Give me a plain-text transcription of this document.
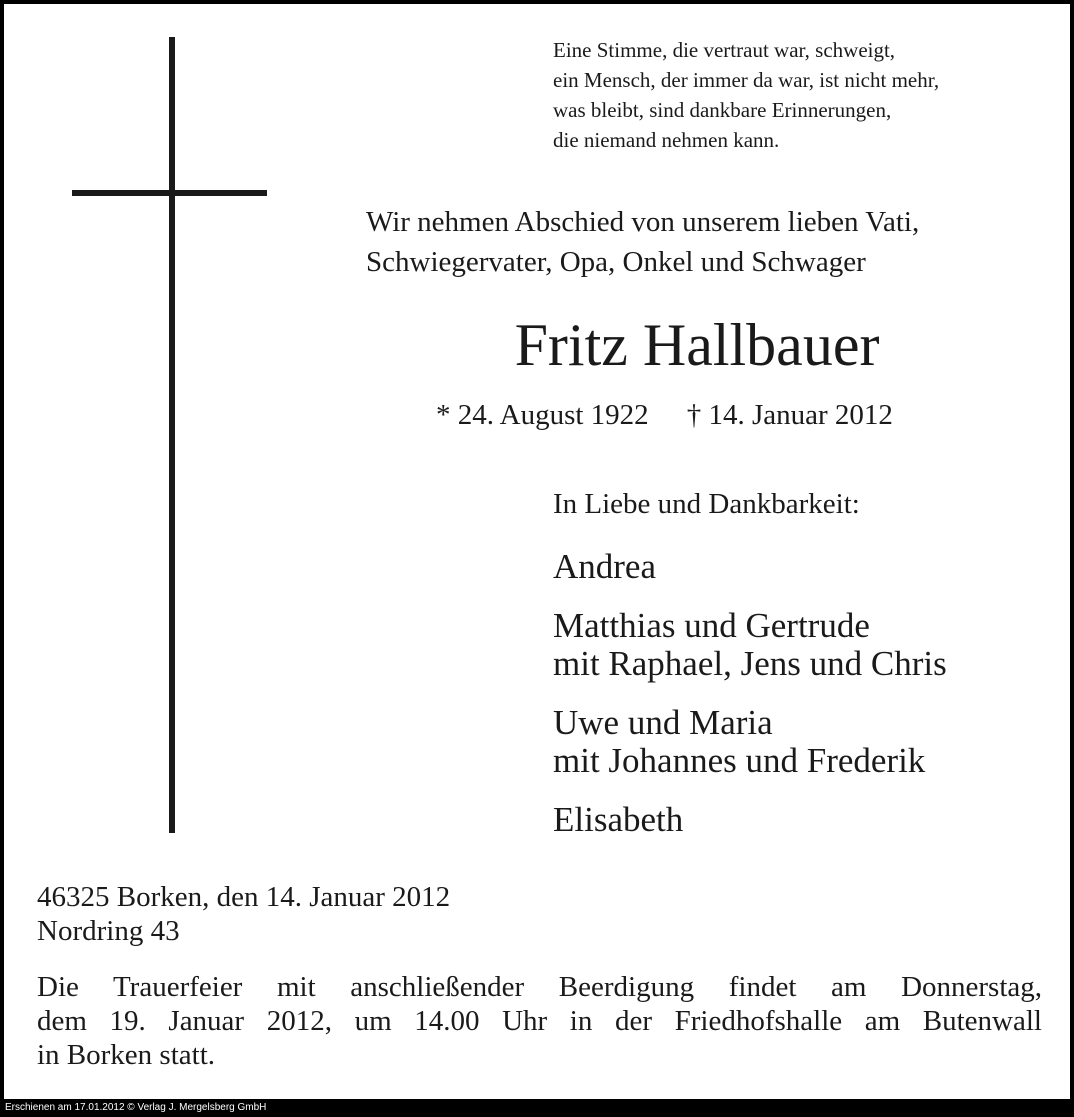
Eine Stimme, die vertraut war, schweigt,
ein Mensch, der immer da war, ist nicht mehr,
was bleibt, sind dankbare Erinnerungen,
die niemand nehmen kann.
Wir nehmen Abschied von unserem lieben Vati,
Schwiegervater, Opa, Onkel und Schwager
Fritz Hallbauer
* 24. August 1922 † 14. Januar 2012
In Liebe und Dankbarkeit:
Andrea
Matthias und Gertrude
mit Raphael, Jens und Chris
Uwe und Maria
mit Johannes und Frederik
Elisabeth
46325 Borken, den 14. Januar 2012
Nordring 43
Die Trauerfeier mit anschließender Beerdigung findet am Donnerstag,
dem 19. Januar 2012, um 14.00 Uhr in der Friedhofshalle am Butenwall
in Borken statt.
Erschienen am 17.01.2012 © Verlag J. Mergelsberg GmbH
